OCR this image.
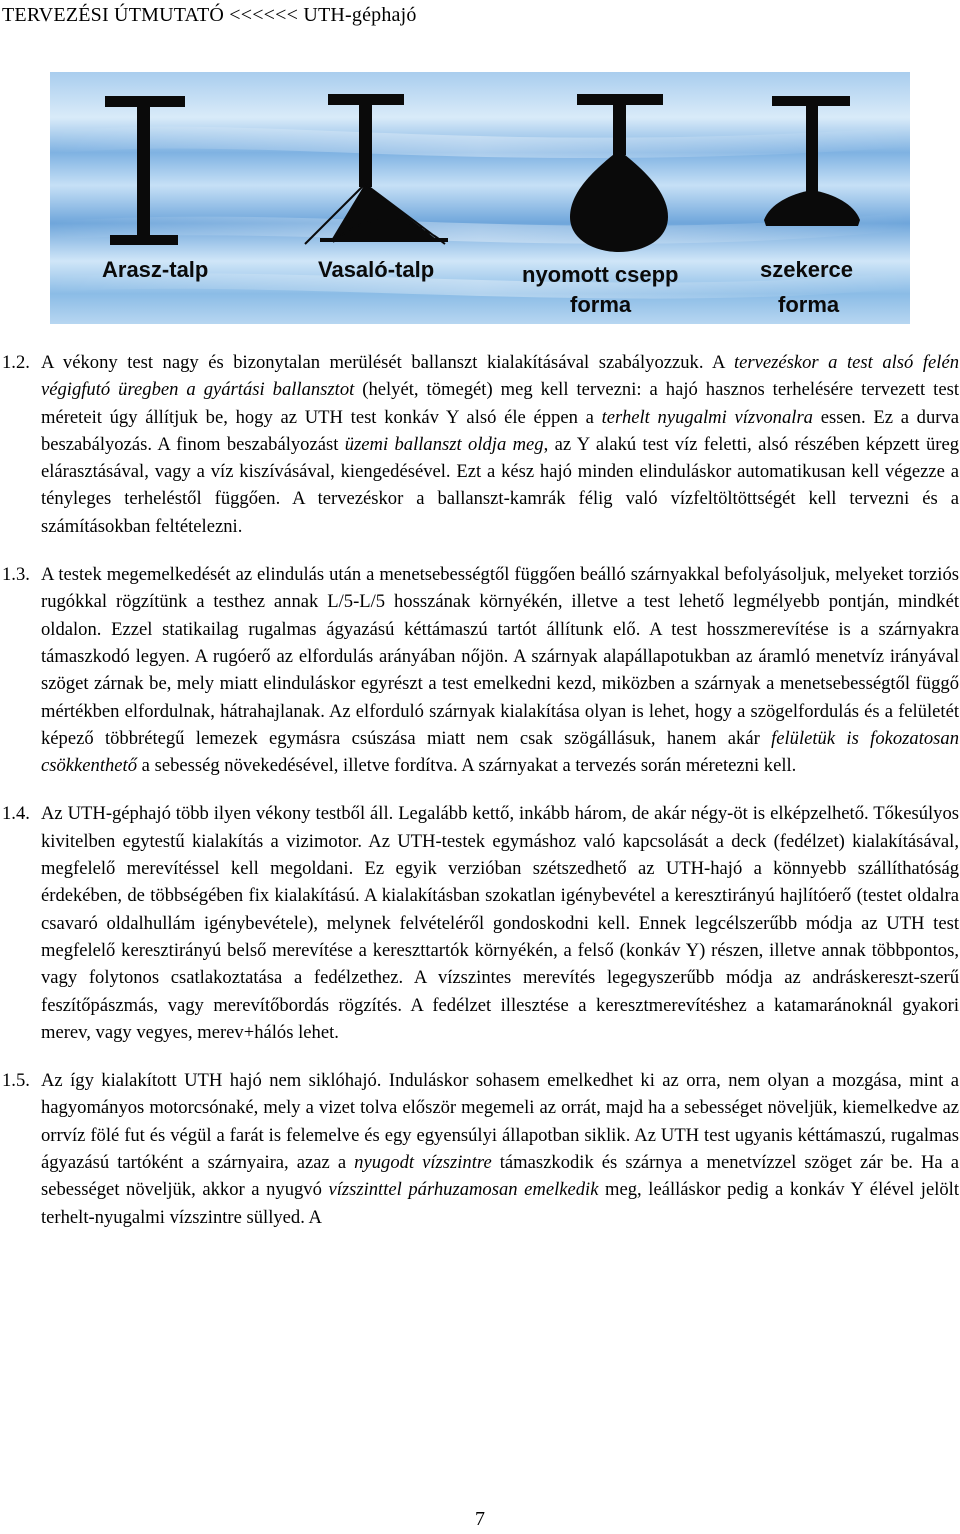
TERVEZÉSI ÚTMUTATÓ <<<<<< UTH-géphajó
Arasz-talp	Vasaló-talp	nyomott csepp
forma
szekerce
forma
1.2. A vékony test nagy és bizonytalan merülését ballanszt kialakításával szabályozzuk. A tervezéskor a test alsó felén végigfutó üregben a gyártási ballansztot (helyét, tömegét) meg kell tervezni: a hajó hasznos terhelésére tervezett test méreteit úgy állítjuk be, hogy az UTH test konkáv Y alsó éle éppen a terhelt nyugalmi vízvonalra essen. Ez a durva beszabályozás. A finom beszabályozást üzemi ballanszt oldja meg, az Y alakú test víz feletti, alsó részében képzett üreg elárasztásával, vagy a víz kiszívásával, kiengedésével. Ezt a kész hajó minden elinduláskor automatikusan kell végezze a tényleges terheléstől függően. A tervezéskor a ballanszt-kamrák félig való vízfeltöltöttségét kell tervezni és a számításokban feltételezni.
1.3. A testek megemelkedését az elindulás után a menetsebességtől függően beálló szárnyakkal befolyásoljuk, melyeket torziós rugókkal rögzítünk a testhez annak L/5-L/5 hosszának környékén, illetve a test lehető legmélyebb pontján, mindkét oldalon. Ezzel statikailag rugalmas ágyazású kéttámaszú tartót állítunk elő. A test hosszmerevítése is a szárnyakra támaszkodó legyen. A rugóerő az elfordulás arányában nőjön. A szárnyak alapállapotukban az áramló menetvíz irányával szöget zárnak be, mely miatt elinduláskor egyrészt a test emelkedni kezd, miközben a szárnyak a menetsebességtől függő mértékben elfordulnak, hátrahajlanak. Az elforduló szárnyak kialakítása olyan is lehet, hogy a szögelfordulás és a felületét képező többrétegű lemezek egymásra csúszása miatt nem csak szögállásuk, hanem akár felületük is fokozatosan csökkenthető a sebesség növekedésével, illetve fordítva. A szárnyakat a tervezés során méretezni kell.
1.4. Az UTH-géphajó több ilyen vékony testből áll. Legalább kettő, inkább három, de akár négy-öt is elképzelhető. Tőkesúlyos kivitelben egytestű kialakítás a vizimotor. Az UTH-testek egymáshoz való kapcsolását a deck (fedélzet) kialakításával, megfelelő merevítéssel kell megoldani. Ez egyik verzióban szétszedhető az UTH-hajó a könnyebb szállíthatóság érdekében, de többségében fix kialakítású. A kialakításban szokatlan igénybevétel a keresztirányú hajlítóerő (testet oldalra csavaró oldalhullám igénybevétele), melynek felvételéről gondoskodni kell. Ennek legcélszerűbb módja az UTH test megfelelő keresztirányú belső merevítése a kereszttartók környékén, a felső (konkáv Y) részen, illetve annak többpontos, vagy folytonos csatlakoztatása a fedélzethez. A vízszintes merevítés legegyszerűbb módja az andráskereszt-szerű feszítőpászmás, vagy merevítőbordás rögzítés. A fedélzet illesztése a keresztmerevítéshez a katamaránoknál gyakori merev, vagy vegyes, merev+hálós lehet.
1.5. Az így kialakított UTH hajó nem siklóhajó. Induláskor sohasem emelkedhet ki az orra, nem olyan a mozgása, mint a hagyományos motorcsónaké, mely a vizet tolva először megemeli az orrát, majd ha a sebességet növeljük, kiemelkedve az orrvíz fölé fut és végül a farát is felemelve és egy egyensúlyi állapotban siklik. Az UTH test ugyanis kéttámaszú, rugalmas ágyazású tartóként a szárnyaira, azaz a nyugodt vízszintre támaszkodik és szárnya a menetvízzel szöget zár be. Ha a sebességet növeljük, akkor a nyugvó vízszinttel párhuzamosan emelkedik meg, leálláskor pedig a konkáv Y élével jelölt terhelt-nyugalmi vízszintre süllyed. A
7
